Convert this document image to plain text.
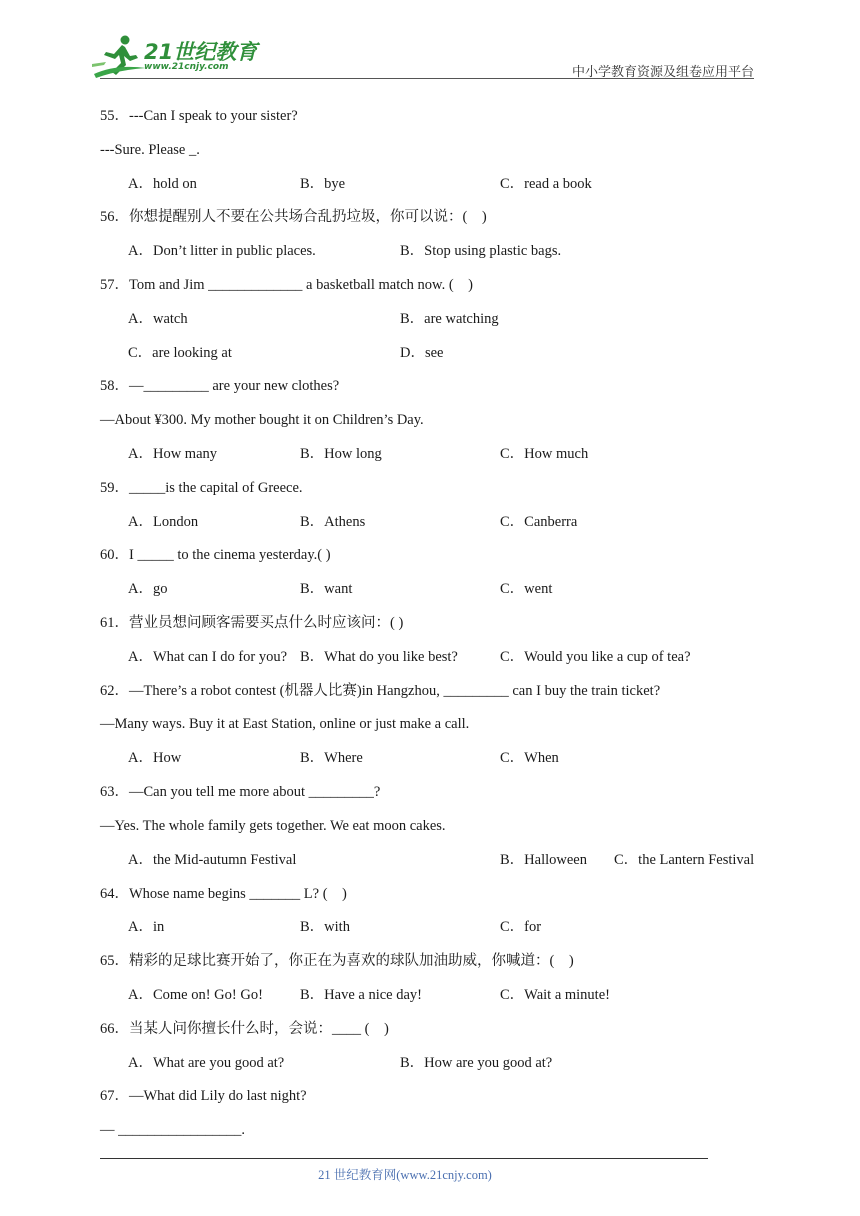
21世纪教育
www.21cnjy.com	中小学教育资源及组卷应用平台
55．---Can I speak to your sister?
---Sure. Please _.
A．hold on	B．bye	C．read a book
56．你想提醒别人不要在公共场合乱扔垃圾，你可以说：(　)
A．Don’t litter in public places.	B．Stop using plastic bags.
57．Tom and Jim _____________ a basketball match now. (　)
A．watch	B．are watching
C．are looking at	D．see
58．—_________ are your new clothes?
—About ¥300. My mother bought it on Children’s Day.
A．How many	B．How long	C．How much
59．_____is the capital of Greece.
A．London	B．Athens	C．Canberra
60．I _____ to the cinema yesterday.( )
A．go	B．want	C．went
61．营业员想问顾客需要买点什么时应该问：( )
A．What can I do for you? B．What do you like best?	C．Would you like a cup of tea?
62．—There’s a robot contest (机器人比赛)in Hangzhou, _________ can I buy the train ticket?
—Many ways. Buy it at East Station, online or just make a call.
A．How	B．Where	C．When
63．—Can you tell me more about _________?
—Yes. The whole family gets together. We eat moon cakes.
A．the Mid-autumn Festival	B．Halloween C．the Lantern Festival
64．Whose name begins _______ L? (　)
A．in	B．with	C．for
65．精彩的足球比赛开始了，你正在为喜欢的球队加油助威，你喊道：(　)
A．Come on! Go! Go!	B．Have a nice day!	C．Wait a minute!
66．当某人问你擅长什么时，会说：____ (　)
A．What are you good at?	B．How are you good at?
67．—What did Lily do last night?
— _________________.
21 世纪教育网(www.21cnjy.com)
